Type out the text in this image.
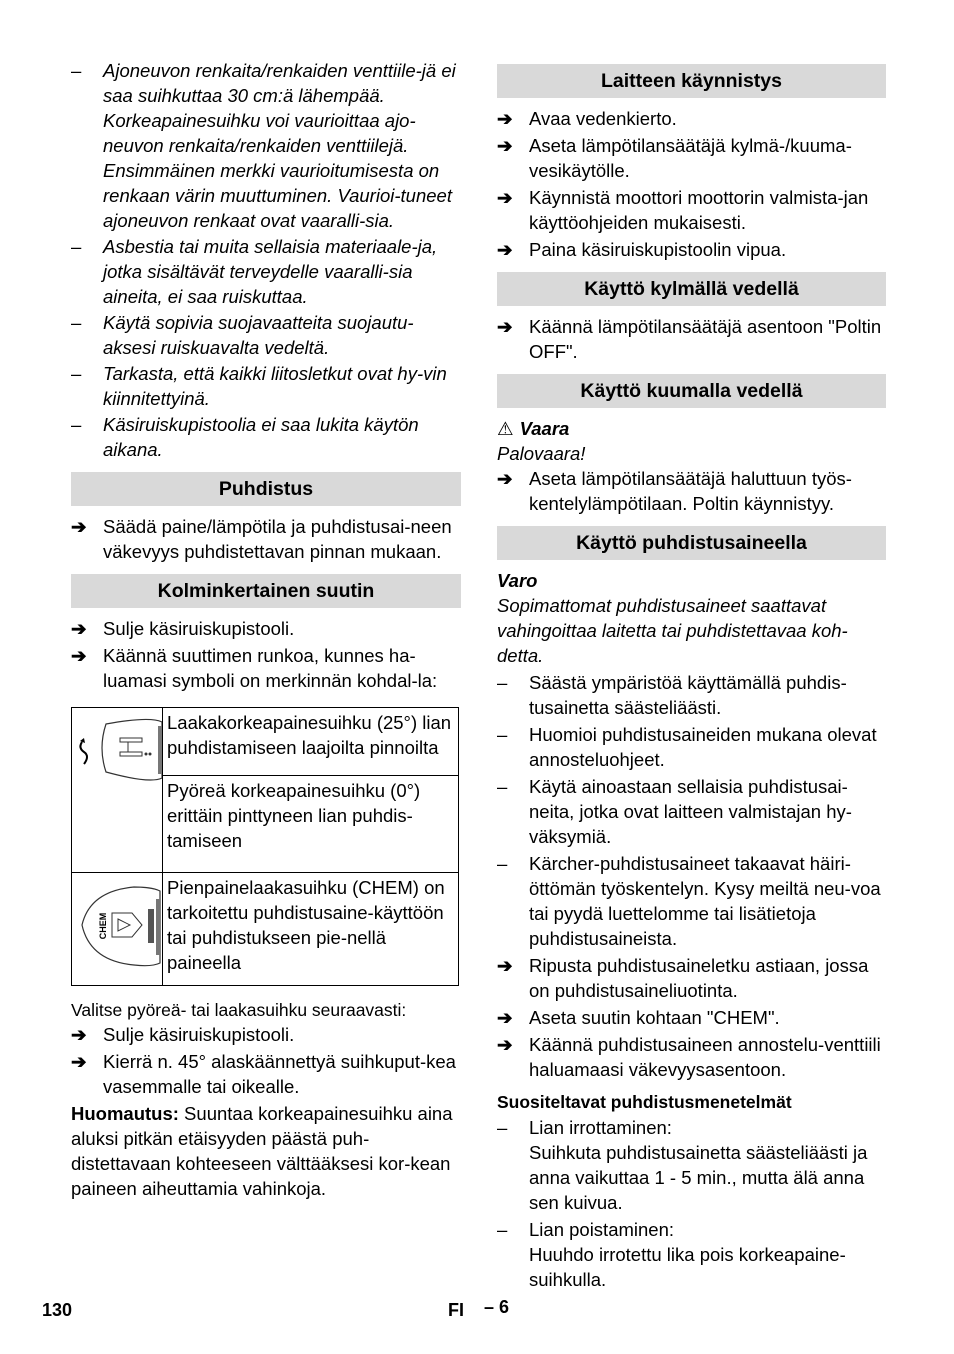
– Ajoneuvon renkaita/renkaiden venttiile-jä ei saa suihkuttaa 30 cm:ä lähempää. Korkeapainesuihku voi vaurioittaa ajo-neuvon renkaita/renkaiden venttiilejä. Ensimmäinen merkki vaurioitumisesta on renkaan värin muuttuminen. Vaurioi-tuneet ajoneuvon renkaat ovat vaaralli-sia.

– Asbestia tai muita sellaisia materiaale-ja, jotka sisältävät terveydelle vaaralli-sia aineita, ei saa ruiskuttaa.

– Käytä sopivia suojavaatteita suojautu-aksesi ruiskuavalta vedeltä.

– Tarkasta, että kaikki liitosletkut ovat hy-vin kiinnitettyinä.

– Käsiruiskupistoolia ei saa lukita käytön aikana.

Puhdistus

➔ Säädä paine/lämpötila ja puhdistusai-neen väkevyys puhdistettavan pinnan mukaan.

Kolminkertainen suutin

➔ Sulje käsiruiskupistooli.

➔ Käännä suuttimen runkoa, kunnes ha-luamasi symboli on merkinnän kohdal-la:

	Laakakorkeapainesuihku (25°) lian puhdistamiseen laajoilta pinnoilta
	Pyöreä korkeapainesuihku (0°) erittäin pinttyneen lian puhdis-tamiseen

CHEM	Pienpainelaakasuihku (CHEM) on tarkoitettu puhdistusaine-käyttöön tai puhdistukseen pie-nellä paineella

Valitse pyöreä- tai laakasuihku seuraavasti:

➔ Sulje käsiruiskupistooli.

➔ Kierrä n. 45° alaskäännettyä suihkuput-kea vasemmalle tai oikealle.

Huomautus: Suuntaa korkeapainesuihku aina aluksi pitkän etäisyyden päästä puh-distettavaan kohteeseen välttääksesi kor-kean paineen aiheuttamia vahinkoja.

Laitteen käynnistys

➔ Avaa vedenkierto.

➔ Aseta lämpötilansäätäjä kylmä-/kuuma-vesikäytölle.

➔ Käynnistä moottori moottorin valmista-jan käyttöohjeiden mukaisesti.

➔ Paina käsiruiskupistoolin vipua.

Käyttö kylmällä vedellä

➔ Käännä lämpötilansäätäjä asentoon "Poltin OFF".

Käyttö kuumalla vedellä

⚠ Vaara

Palovaara!

➔ Aseta lämpötilansäätäjä haluttuun työs-kentelylämpötilaan. Poltin käynnistyy.

Käyttö puhdistusaineella

Varo

Sopimattomat puhdistusaineet saattavat vahingoittaa laitetta tai puhdistettavaa koh-detta.

– Säästä ympäristöä käyttämällä puhdis-tusainetta säästeliäästi.

– Huomioi puhdistusaineiden mukana olevat annosteluohjeet.

– Käytä ainoastaan sellaisia puhdistusai-neita, jotka ovat laitteen valmistajan hy-väksymiä.

– Kärcher-puhdistusaineet takaavat häiri-öttömän työskentelyn. Kysy meiltä neu-voa tai pyydä luettelomme tai lisätietoja puhdistusaineista.

➔ Ripusta puhdistusaineletku astiaan, jossa on puhdistusaineliuotinta.

➔ Aseta suutin kohtaan "CHEM".

➔ Käännä puhdistusaineen annostelu-venttiili haluamaasi väkevyysasentoon.

Suositeltavat puhdistusmenetelmät

– Lian irrottaminen:

Suihkuta puhdistusainetta säästeliäästi ja anna vaikuttaa 1 - 5 min., mutta älä anna sen kuivua.

– Lian poistaminen:

Huuhdo irrotettu lika pois korkeapaine-suihkulla.

130	FI – 6
